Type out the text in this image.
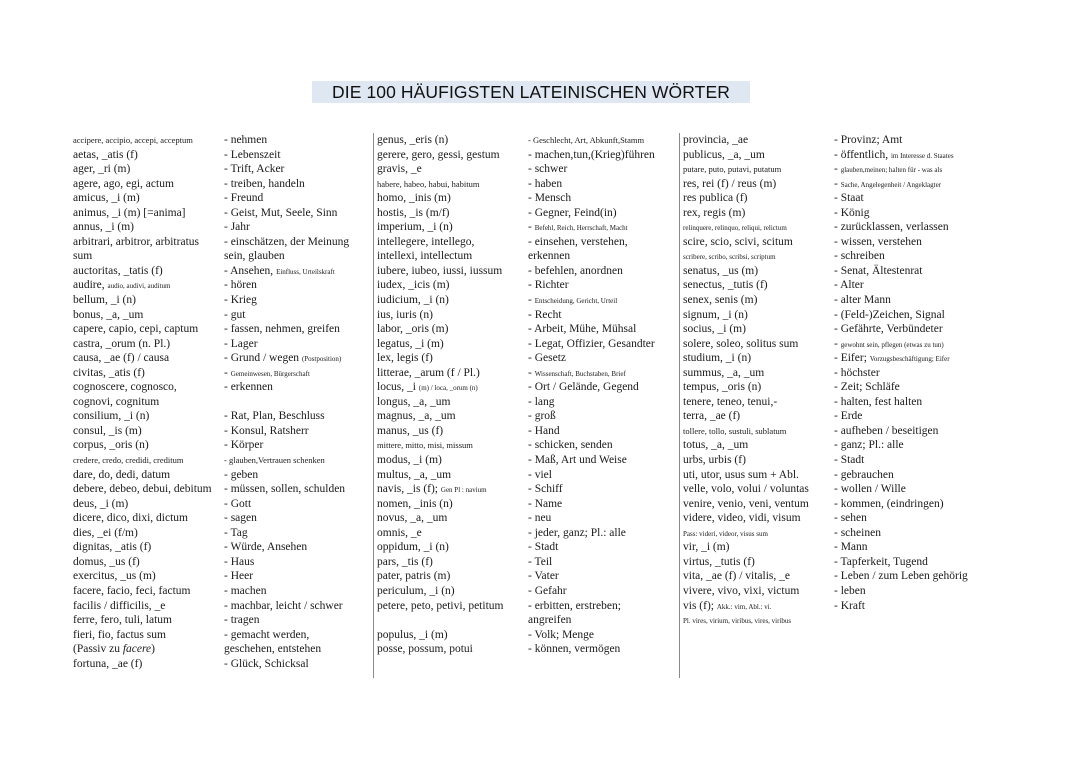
DIE 100 HÄUFIGSTEN LATEINISCHEN WÖRTER
accipere, accipio, accepi, acceptum	- nehmen
aetas, _atis (f)	- Lebenszeit
ager, _ri (m)	- Trift, Acker
agere, ago, egi, actum	- treiben, handeln
amicus, _i (m)	- Freund
animus, _i (m) [=anima]	- Geist, Mut, Seele, Sinn
annus, _i (m)	- Jahr
arbitrari, arbitror, arbitratus	- einschätzen, der Meinung
sum	sein, glauben
auctoritas, _tatis (f)	- Ansehen, Einfluss, Urteilskraft
audire, audio, audivi, auditum	- hören
bellum, _i (n)	- Krieg
bonus, _a, _um	- gut
capere, capio, cepi, captum	- fassen, nehmen, greifen
castra, _orum (n. Pl.)	- Lager
causa, _ae (f) / causa	- Grund / wegen (Postposition)
civitas, _atis (f)	- Gemeinwesen, Bürgerschaft
cognoscere, cognosco,	- erkennen
cognovi, cognitum
consilium, _i (n)	- Rat, Plan, Beschluss
consul, _is (m)	- Konsul, Ratsherr
corpus, _oris (n)	- Körper
credere, credo, credidi, creditum	- glauben,Vertrauen schenken
dare, do, dedi, datum	- geben
debere, debeo, debui, debitum	- müssen, sollen, schulden
deus, _i (m)	- Gott
dicere, dico, dixi, dictum	- sagen
dies, _ei (f/m)	- Tag
dignitas, _atis (f)	- Würde, Ansehen
domus, _us (f)	- Haus
exercitus, _us (m)	- Heer
facere, facio, feci, factum	- machen
facilis / difficilis, _e	- machbar, leicht / schwer
ferre, fero, tuli, latum	- tragen
fieri, fio, factus sum	- gemacht werden,
(Passiv zu facere)	geschehen, entstehen
fortuna, _ae (f)	- Glück, Schicksal
genus, _eris (n)	- Geschlecht, Art, Abkunft,Stamm
gerere, gero, gessi, gestum	- machen,tun,(Krieg)führen
gravis, _e	- schwer
habere, habeo, habui, habitum	- haben
homo, _inis (m)	- Mensch
hostis, _is (m/f)	- Gegner, Feind(in)
imperium, _i (n)	- Befehl, Reich, Herrschaft, Macht
intellegere, intellego,	- einsehen, verstehen,
intellexi, intellectum	erkennen
iubere, iubeo, iussi, iussum	- befehlen, anordnen
iudex, _icis (m)	- Richter
iudicium, _i (n)	- Entscheidung, Gericht, Urteil
ius, iuris (n)	- Recht
labor, _oris (m)	- Arbeit, Mühe, Mühsal
legatus, _i (m)	- Legat, Offizier, Gesandter
lex, legis (f)	- Gesetz
litterae, _arum (f / Pl.)	- Wissenschaft, Buchstaben, Brief
locus, _i (m) / loca, _orum (n)	- Ort / Gelände, Gegend
longus, _a, _um	- lang
magnus, _a, _um	- groß
manus, _us (f)	- Hand
mittere, mitto, misi, missum	- schicken, senden
modus, _i (m)	- Maß, Art und Weise
multus, _a, _um	- viel
navis, _is (f); Gen Pl : navium	- Schiff
nomen, _inis (n)	- Name
novus, _a, _um	- neu
omnis, _e	- jeder, ganz; Pl.: alle
oppidum, _i (n)	- Stadt
pars, _tis (f)	- Teil
pater, patris (m)	- Vater
periculum, _i (n)	- Gefahr
petere, peto, petivi, petitum	- erbitten, erstreben;
angreifen
populus, _i (m)	- Volk; Menge
posse, possum, potui	- können, vermögen
provincia, _ae	- Provinz; Amt
publicus, _a, _um	- öffentlich, im Interesse d. Staates
putare, puto, putavi, putatum	- glauben,meinen; halten für - was als
res, rei (f) / reus (m)	- Sache, Angelegenheit / Angeklagter
res publica (f)	- Staat
rex, regis (m)	- König
relinquere, relinquo, reliqui, relictum	- zurücklassen, verlassen
scire, scio, scivi, scitum	- wissen, verstehen
scribere, scribo, scribsi, scriptum	- schreiben
senatus, _us (m)	- Senat, Ältestenrat
senectus, _tutis (f)	- Alter
senex, senis (m)	- alter Mann
signum, _i (n)	- (Feld-)Zeichen, Signal
socius, _i (m)	- Gefährte, Verbündeter
solere, soleo, solitus sum	- gewohnt sein, pflegen (etwas zu tun)
studium, _i (n)	- Eifer; Vorzugsbeschäftigung; Eifer
summus, _a, _um	- höchster
tempus, _oris (n)	- Zeit; Schläfe
tenere, teneo, tenui,-	- halten, fest halten
terra, _ae (f)	- Erde
tollere, tollo, sustuli, sublatum	- aufheben / beseitigen
totus, _a, _um	- ganz; Pl.: alle
urbs, urbis (f)	- Stadt
uti, utor, usus sum + Abl.	- gebrauchen
velle, volo, volui / voluntas	- wollen / Wille
venire, venio, veni, ventum	- kommen, (eindringen)
videre, video, vidi, visum	- sehen
Pass: videri, videor, visus sum	- scheinen
vir, _i (m)	- Mann
virtus, _tutis (f)	- Tapferkeit, Tugend
vita, _ae (f) / vitalis, _e	- Leben / zum Leben gehörig
vivere, vivo, vixi, victum	- leben
vis (f); Akk.: vim, Abl.: vi.	- Kraft
Pl. vires, virium, viribus, vires, viribus
